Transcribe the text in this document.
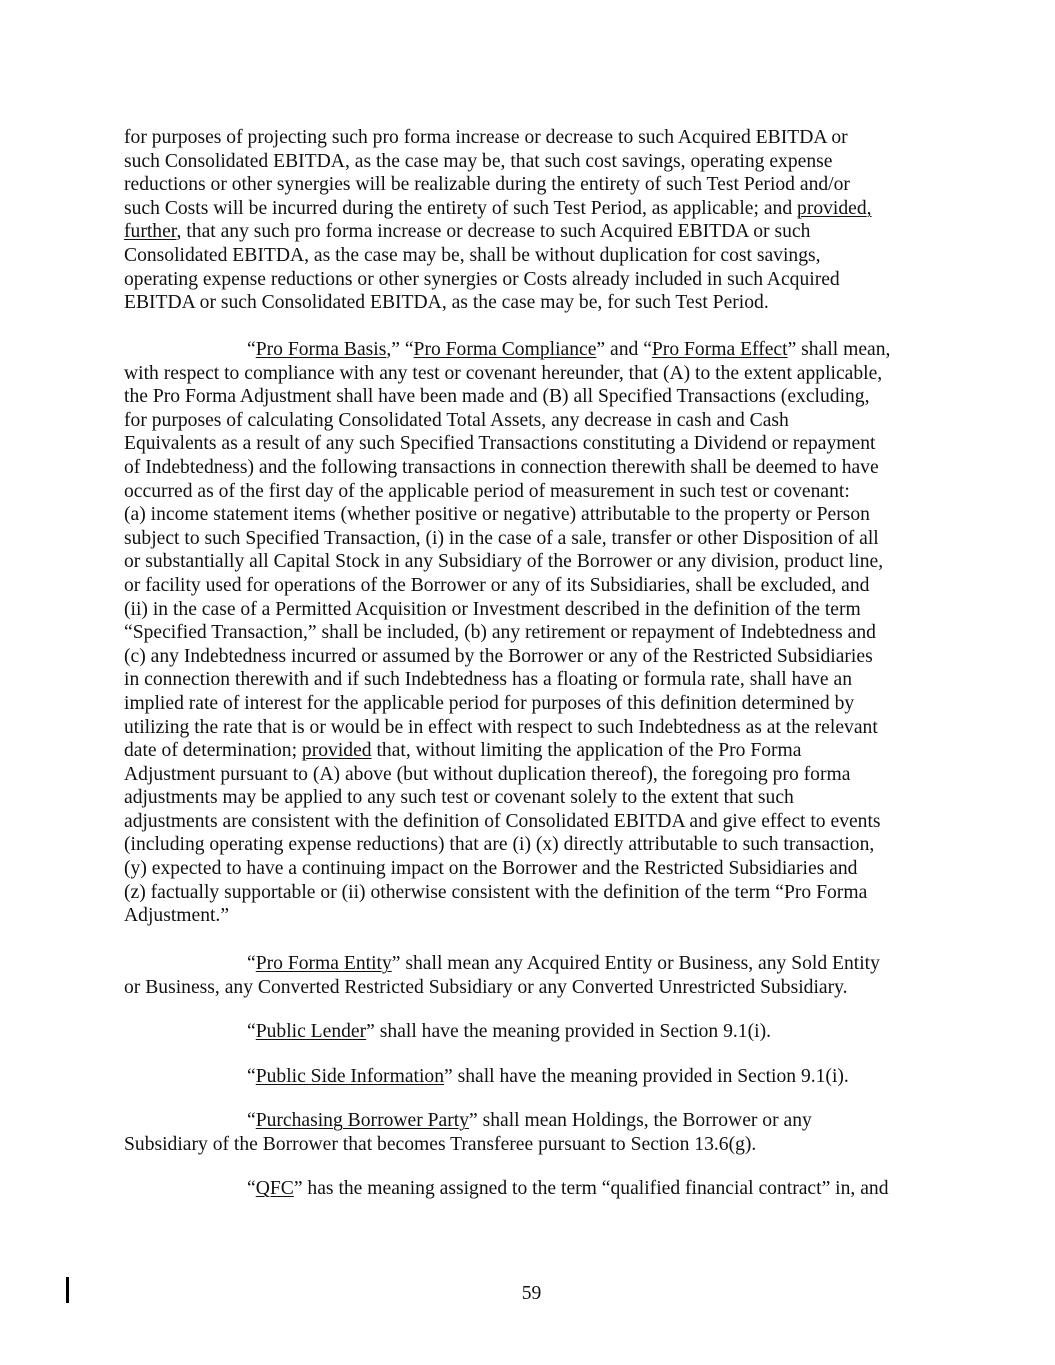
for purposes of projecting such pro forma increase or decrease to such Acquired EBITDA or
such Consolidated EBITDA, as the case may be, that such cost savings, operating expense
reductions or other synergies will be realizable during the entirety of such Test Period and/or
such Costs will be incurred during the entirety of such Test Period, as applicable; and provided,
further, that any such pro forma increase or decrease to such Acquired EBITDA or such
Consolidated EBITDA, as the case may be, shall be without duplication for cost savings,
operating expense reductions or other synergies or Costs already included in such Acquired
EBITDA or such Consolidated EBITDA, as the case may be, for such Test Period.
“Pro Forma Basis,” “Pro Forma Compliance” and “Pro Forma Effect” shall mean,
with respect to compliance with any test or covenant hereunder, that (A) to the extent applicable,
the Pro Forma Adjustment shall have been made and (B) all Specified Transactions (excluding,
for purposes of calculating Consolidated Total Assets, any decrease in cash and Cash
Equivalents as a result of any such Specified Transactions constituting a Dividend or repayment
of Indebtedness) and the following transactions in connection therewith shall be deemed to have
occurred as of the first day of the applicable period of measurement in such test or covenant:
(a) income statement items (whether positive or negative) attributable to the property or Person
subject to such Specified Transaction, (i) in the case of a sale, transfer or other Disposition of all
or substantially all Capital Stock in any Subsidiary of the Borrower or any division, product line,
or facility used for operations of the Borrower or any of its Subsidiaries, shall be excluded, and
(ii) in the case of a Permitted Acquisition or Investment described in the definition of the term
“Specified Transaction,” shall be included, (b) any retirement or repayment of Indebtedness and
(c) any Indebtedness incurred or assumed by the Borrower or any of the Restricted Subsidiaries
in connection therewith and if such Indebtedness has a floating or formula rate, shall have an
implied rate of interest for the applicable period for purposes of this definition determined by
utilizing the rate that is or would be in effect with respect to such Indebtedness as at the relevant
date of determination; provided that, without limiting the application of the Pro Forma
Adjustment pursuant to (A) above (but without duplication thereof), the foregoing pro forma
adjustments may be applied to any such test or covenant solely to the extent that such
adjustments are consistent with the definition of Consolidated EBITDA and give effect to events
(including operating expense reductions) that are (i) (x) directly attributable to such transaction,
(y) expected to have a continuing impact on the Borrower and the Restricted Subsidiaries and
(z) factually supportable or (ii) otherwise consistent with the definition of the term “Pro Forma
Adjustment.”
“Pro Forma Entity” shall mean any Acquired Entity or Business, any Sold Entity
or Business, any Converted Restricted Subsidiary or any Converted Unrestricted Subsidiary.
“Public Lender” shall have the meaning provided in Section 9.1(i).
“Public Side Information” shall have the meaning provided in Section 9.1(i).
“Purchasing Borrower Party” shall mean Holdings, the Borrower or any
Subsidiary of the Borrower that becomes Transferee pursuant to Section 13.6(g).
“QFC” has the meaning assigned to the term “qualified financial contract” in, and
59
